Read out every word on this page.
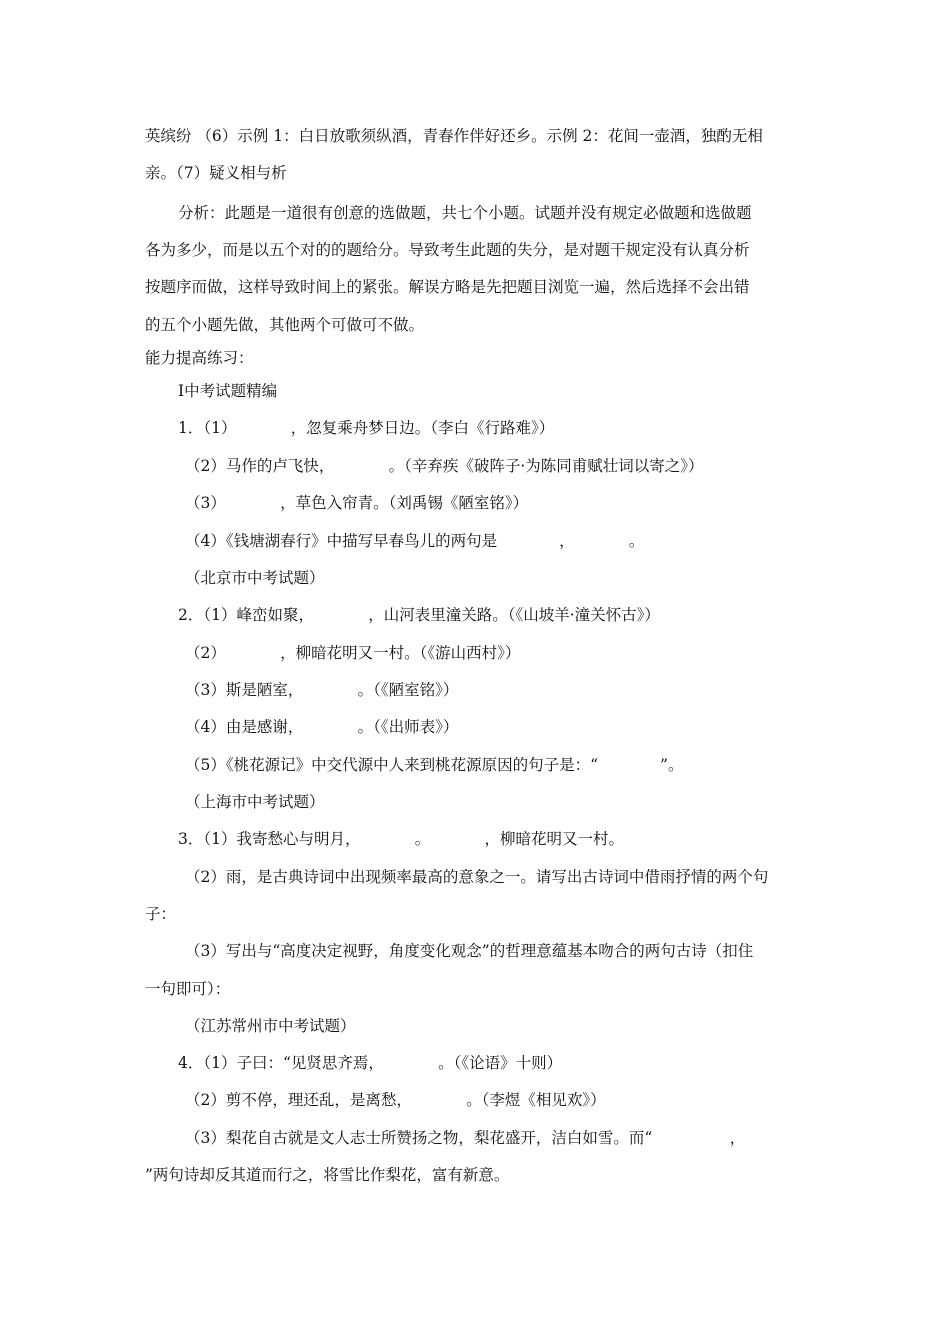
英缤纷 （6）示例 1：白日放歌须纵酒，青春作伴好还乡。示例 2：花间一壶酒，独酌无相
亲。（7）疑义相与析
分析：此题是一道很有创意的选做题，共七个小题。试题并没有规定必做题和选做题
各为多少，而是以五个对的的题给分。导致考生此题的失分，是对题干规定没有认真分析
按题序而做，这样导致时间上的紧张。解误方略是先把题目浏览一遍，然后选择不会出错
的五个小题先做，其他两个可做可不做。
能力提高练习：
Ⅰ中考试题精编
1．（1）　　　　，忽复乘舟梦日边。（李白《行路难》）
（2）马作的卢飞快，　　　　。（辛弃疾《破阵子·为陈同甫赋壮词以寄之》）
（3）　　　　，草色入帘青。（刘禹锡《陋室铭》）
（4）《钱塘湖春行》中描写早春鸟儿的两句是　　　　，　　　　。
（北京市中考试题）
2．（1）峰峦如聚，　　　　，山河表里潼关路。（《山坡羊·潼关怀古》）
（2）　　　　，柳暗花明又一村。（《游山西村》）
（3）斯是陋室，　　　　。（《陋室铭》）
（4）由是感谢，　　　　。（《出师表》）
（5）《桃花源记》中交代源中人来到桃花源原因的句子是：“　　　　”。
（上海市中考试题）
3．（1）我寄愁心与明月，　　　　。　　　　，柳暗花明又一村。
（2）雨，是古典诗词中出现频率最高的意象之一。请写出古诗词中借雨抒情的两个句
子：
（3）写出与“高度决定视野，角度变化观念”的哲理意蕴基本吻合的两句古诗（扣住
一句即可）：
（江苏常州市中考试题）
4．（1）子曰：“见贤思齐焉，　　　　。（《论语》十则）
（2）剪不停，理还乱，是离愁，　　　　。（李煜《相见欢》）
（3）梨花自古就是文人志士所赞扬之物，梨花盛开，洁白如雪。而“　　　　　，
”两句诗却反其道而行之，将雪比作梨花，富有新意。
